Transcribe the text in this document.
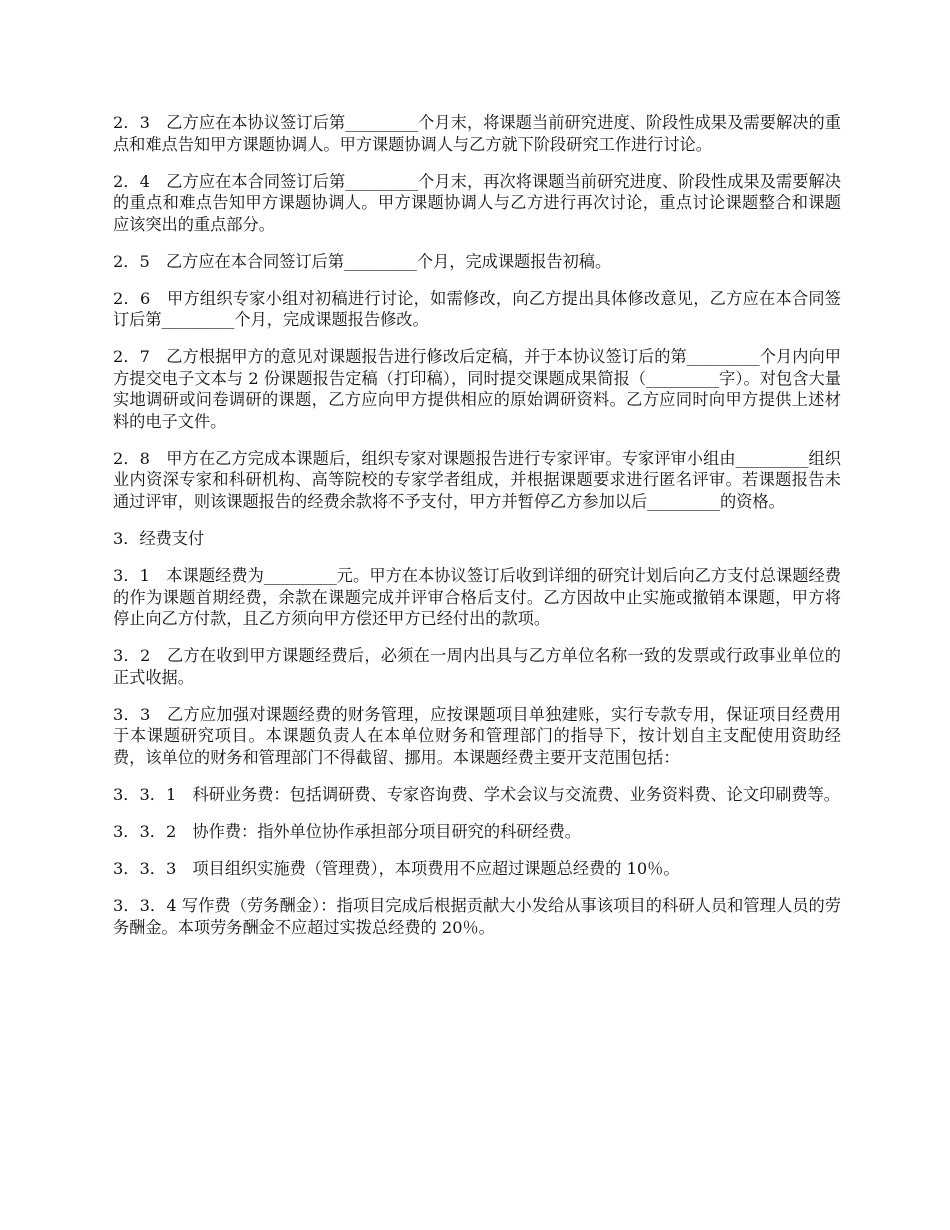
2．3　乙方应在本协议签订后第_________个月末，将课题当前研究进度、阶段性成果及需要解决的重点和难点告知甲方课题协调人。甲方课题协调人与乙方就下阶段研究工作进行讨论。

2．4　乙方应在本合同签订后第_________个月末，再次将课题当前研究进度、阶段性成果及需要解决的重点和难点告知甲方课题协调人。甲方课题协调人与乙方进行再次讨论，重点讨论课题整合和课题应该突出的重点部分。

2．5　乙方应在本合同签订后第_________个月，完成课题报告初稿。

2．6　甲方组织专家小组对初稿进行讨论，如需修改，向乙方提出具体修改意见，乙方应在本合同签订后第_________个月，完成课题报告修改。

2．7　乙方根据甲方的意见对课题报告进行修改后定稿，并于本协议签订后的第_________个月内向甲方提交电子文本与 2 份课题报告定稿（打印稿），同时提交课题成果简报（_________字）。对包含大量实地调研或问卷调研的课题，乙方应向甲方提供相应的原始调研资料。乙方应同时向甲方提供上述材料的电子文件。

2．8　甲方在乙方完成本课题后，组织专家对课题报告进行专家评审。专家评审小组由_________组织业内资深专家和科研机构、高等院校的专家学者组成，并根据课题要求进行匿名评审。若课题报告未通过评审，则该课题报告的经费余款将不予支付，甲方并暂停乙方参加以后_________的资格。

3．经费支付

3．1　本课题经费为_________元。甲方在本协议签订后收到详细的研究计划后向乙方支付总课题经费的作为课题首期经费，余款在课题完成并评审合格后支付。乙方因故中止实施或撤销本课题，甲方将停止向乙方付款，且乙方须向甲方偿还甲方已经付出的款项。

3．2　乙方在收到甲方课题经费后，必须在一周内出具与乙方单位名称一致的发票或行政事业单位的正式收据。

3．3　乙方应加强对课题经费的财务管理，应按课题项目单独建账，实行专款专用，保证项目经费用于本课题研究项目。本课题负责人在本单位财务和管理部门的指导下，按计划自主支配使用资助经费，该单位的财务和管理部门不得截留、挪用。本课题经费主要开支范围包括：

3．3．1　科研业务费：包括调研费、专家咨询费、学术会议与交流费、业务资料费、论文印刷费等。

3．3．2　协作费：指外单位协作承担部分项目研究的科研经费。

3．3．3　项目组织实施费（管理费），本项费用不应超过课题总经费的 10％。

3．3．4 写作费（劳务酬金）：指项目完成后根据贡献大小发给从事该项目的科研人员和管理人员的劳务酬金。本项劳务酬金不应超过实拨总经费的 20％。
